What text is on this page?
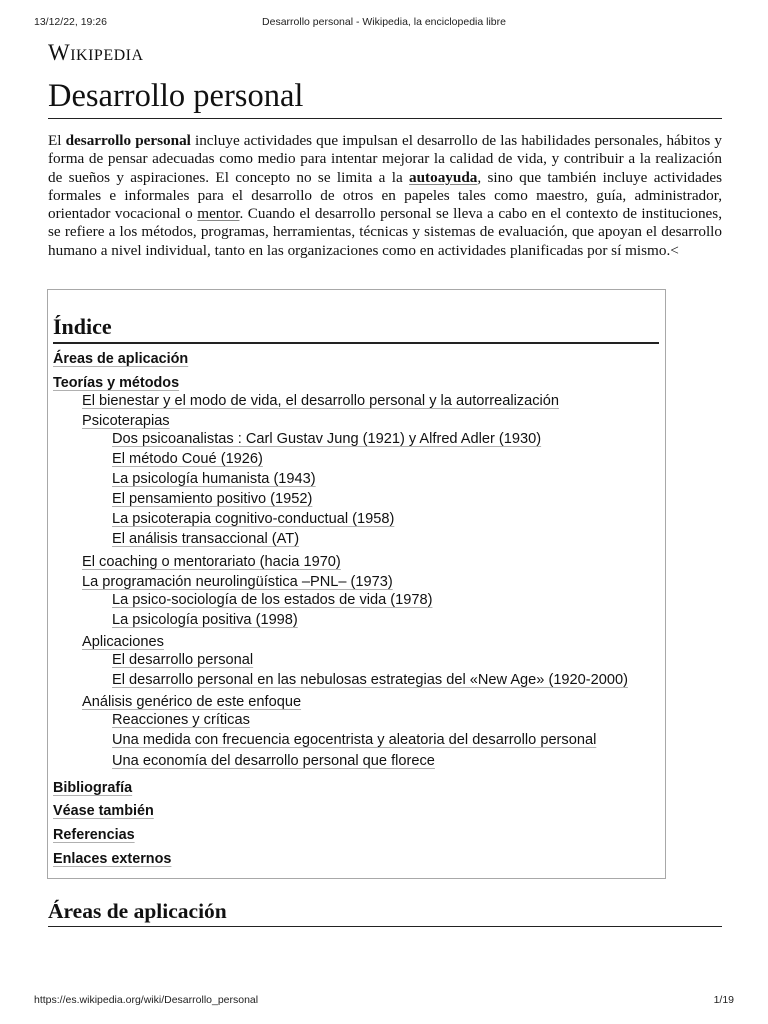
13/12/22, 19:26	Desarrollo personal - Wikipedia, la enciclopedia libre
Wikipedia
Desarrollo personal

El desarrollo personal incluye actividades que impulsan el desarrollo de las habilidades personales, hábitos y forma de pensar adecuadas como medio para intentar mejorar la calidad de vida, y contribuir a la realización de sueños y aspiraciones. El concepto no se limita a la autoayuda, sino que también incluye actividades formales e informales para el desarrollo de otros en papeles tales como maestro, guía, administrador, orientador vocacional o mentor. Cuando el desarrollo personal se lleva a cabo en el contexto de instituciones, se refiere a los métodos, programas, herramientas, técnicas y sistemas de evaluación, que apoyan el desarrollo humano a nivel individual, tanto en las organizaciones como en actividades planificadas por sí mismo.<

Índice
Áreas de aplicación
Teorías y métodos
El bienestar y el modo de vida, el desarrollo personal y la autorrealización
Psicoterapias
Dos psicoanalistas : Carl Gustav Jung (1921) y Alfred Adler (1930)
El método Coué (1926)
La psicología humanista (1943)
El pensamiento positivo (1952)
La psicoterapia cognitivo-conductual (1958)
El análisis transaccional (AT)
El coaching o mentorariato (hacia 1970)
La programación neurolingüística –PNL– (1973)
La psico-sociología de los estados de vida (1978)
La psicología positiva (1998)
Aplicaciones
El desarrollo personal
El desarrollo personal en las nebulosas estrategias del «New Age» (1920-2000)
Análisis genérico de este enfoque
Reacciones y críticas
Una medida con frecuencia egocentrista y aleatoria del desarrollo personal
Una economía del desarrollo personal que florece
Bibliografía
Véase también
Referencias
Enlaces externos
Áreas de aplicación
https://es.wikipedia.org/wiki/Desarrollo_personal	1/19
